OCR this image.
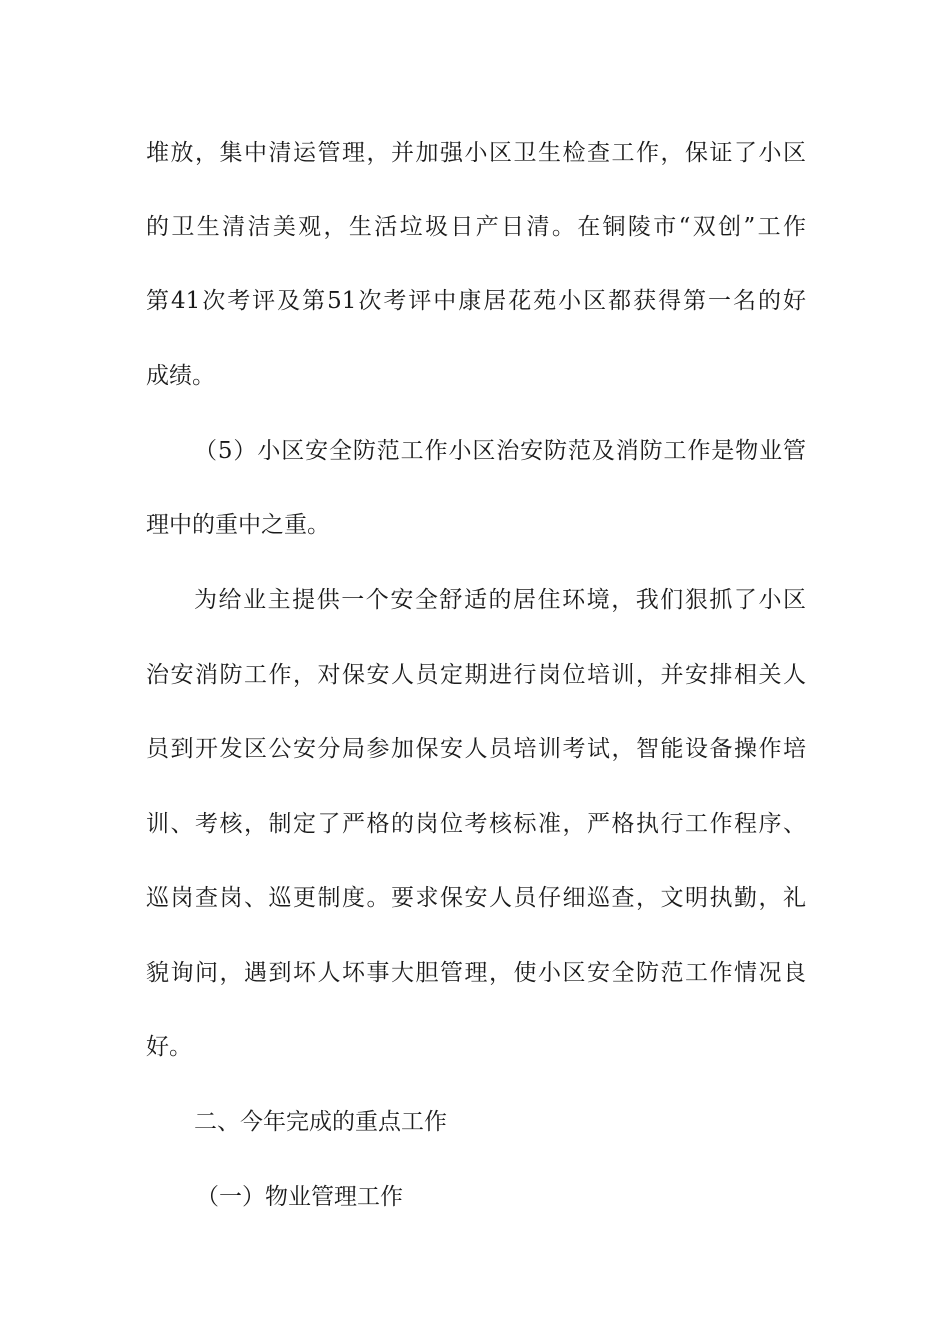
堆放，集中清运管理，并加强小区卫生检查工作，保证了小区
的卫生清洁美观，生活垃圾日产日清。在铜陵市“双创”工作
第41次考评及第51次考评中康居花苑小区都获得第一名的好
成绩。
（5）小区安全防范工作小区治安防范及消防工作是物业管
理中的重中之重。
为给业主提供一个安全舒适的居住环境，我们狠抓了小区
治安消防工作，对保安人员定期进行岗位培训，并安排相关人
员到开发区公安分局参加保安人员培训考试，智能设备操作培
训、考核，制定了严格的岗位考核标准，严格执行工作程序、
巡岗查岗、巡更制度。要求保安人员仔细巡查，文明执勤，礼
貌询问，遇到坏人坏事大胆管理，使小区安全防范工作情况良
好。
二、今年完成的重点工作
（一）物业管理工作
